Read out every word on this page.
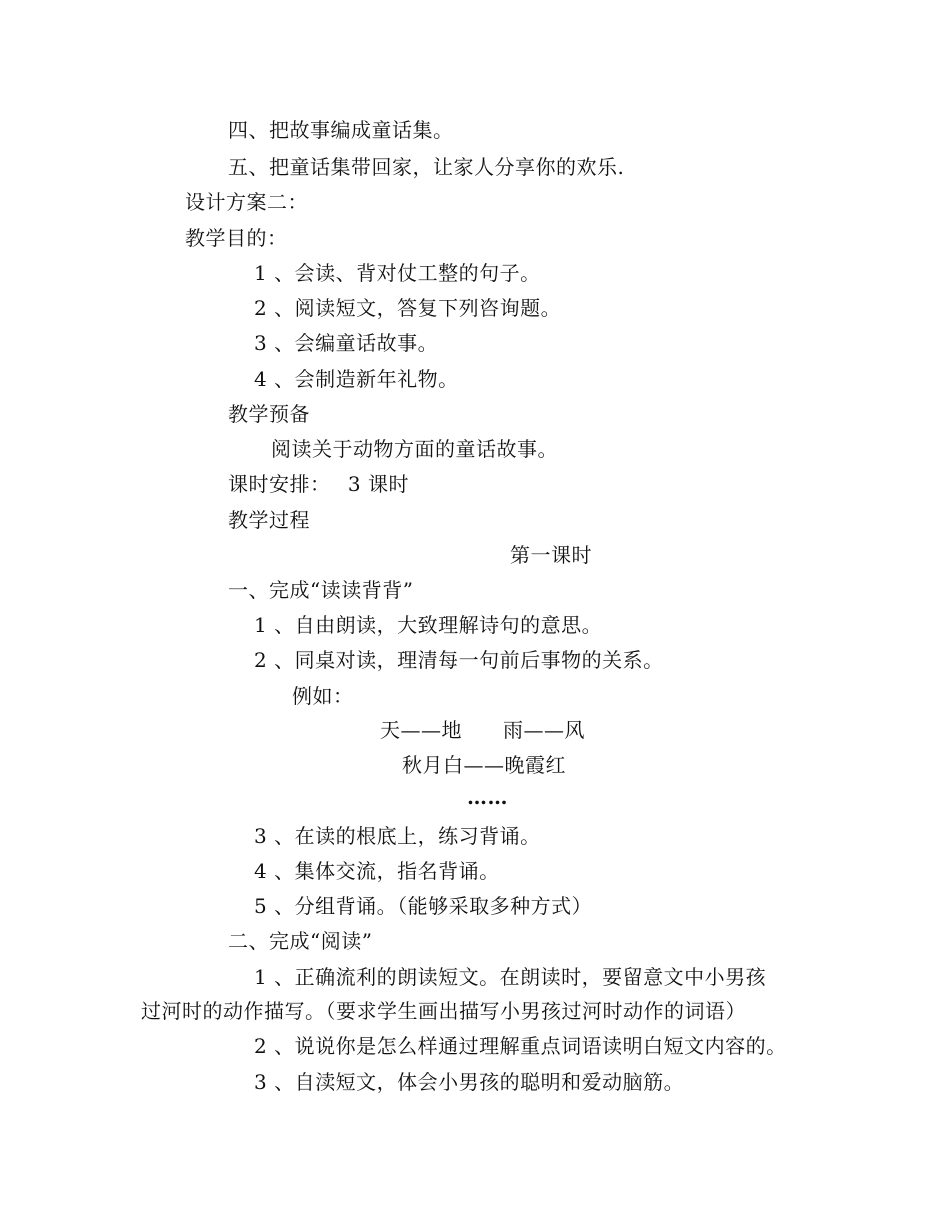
四、把故事编成童话集。
五、把童话集带回家，让家人分享你的欢乐.
设计方案二：
教学目的：
1 、会读、背对仗工整的句子。
2 、阅读短文，答复下列咨询题。
3 、会编童话故事。
4 、会制造新年礼物。
教学预备
阅读关于动物方面的童话故事。
课时安排：　 3 课时
教学过程
第一课时
一、完成“读读背背”
1 、自由朗读，大致理解诗句的意思。
2 、同桌对读，理清每一句前后事物的关系。
例如：
天——地　　雨——风
秋月白——晚霞红
……
3 、在读的根底上，练习背诵。
4 、集体交流，指名背诵。
5 、分组背诵。（能够采取多种方式）
二、完成“阅读”
1 、正确流利的朗读短文。在朗读时，要留意文中小男孩
过河时的动作描写。（要求学生画出描写小男孩过河时动作的词语）
2 、说说你是怎么样通过理解重点词语读明白短文内容的。
3 、自渎短文，体会小男孩的聪明和爱动脑筋。
